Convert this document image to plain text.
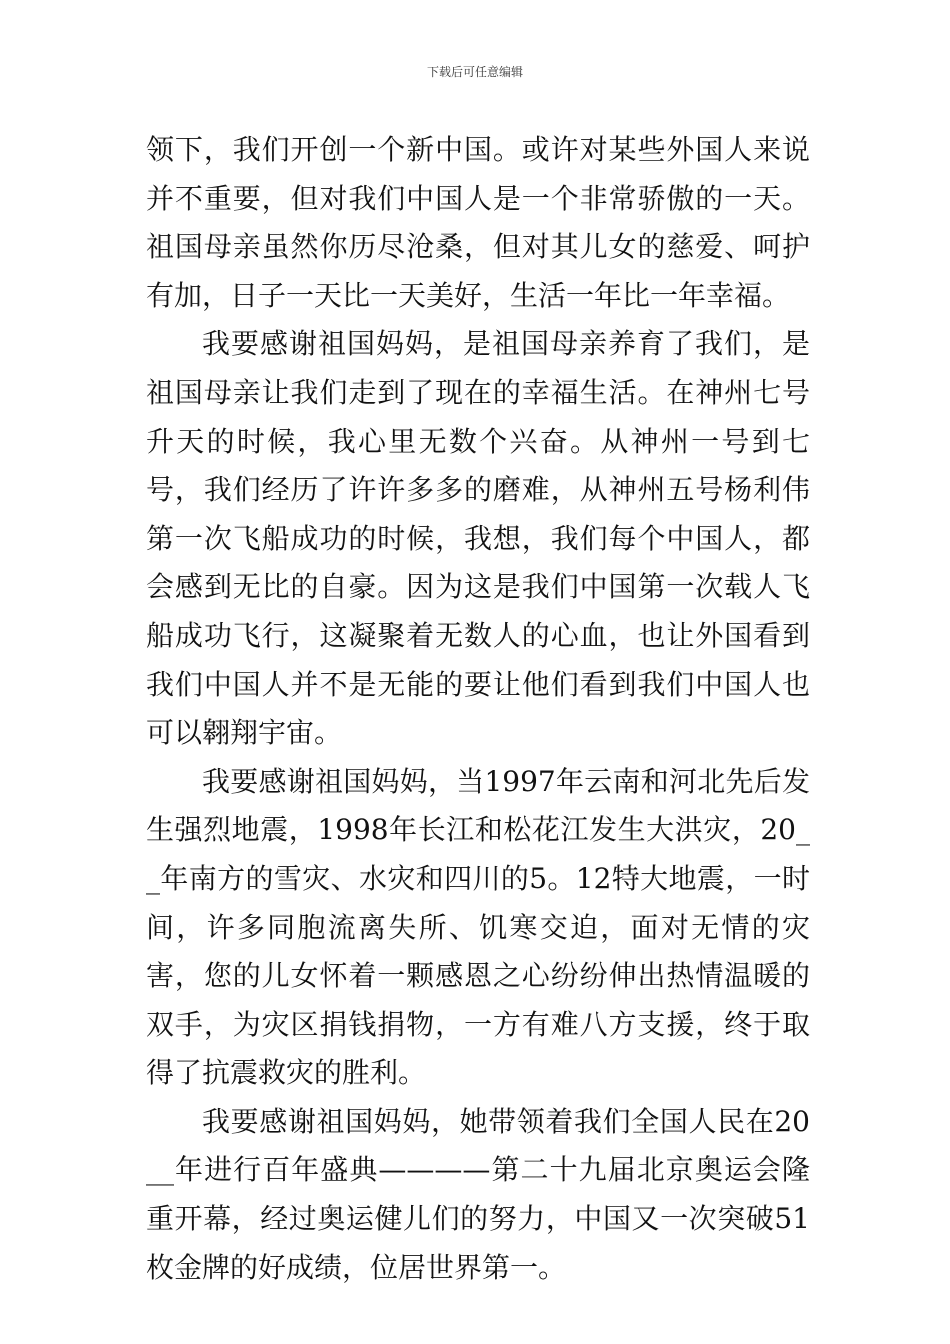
下载后可任意编辑

领下，我们开创一个新中国。或许对某些外国人来说并不重要，但对我们中国人是一个非常骄傲的一天。祖国母亲虽然你历尽沧桑，但对其儿女的慈爱、呵护有加，日子一天比一天美好，生活一年比一年幸福。

我要感谢祖国妈妈，是祖国母亲养育了我们，是祖国母亲让我们走到了现在的幸福生活。在神州七号升天的时候，我心里无数个兴奋。从神州一号到七号，我们经历了许许多多的磨难，从神州五号杨利伟第一次飞船成功的时候，我想，我们每个中国人，都会感到无比的自豪。因为这是我们中国第一次载人飞船成功飞行，这凝聚着无数人的心血，也让外国看到我们中国人并不是无能的要让他们看到我们中国人也可以翱翔宇宙。

我要感谢祖国妈妈，当1997年云南和河北先后发生强烈地震，1998年长江和松花江发生大洪灾，20__年南方的雪灾、水灾和四川的5。12特大地震，一时间，许多同胞流离失所、饥寒交迫，面对无情的灾害，您的儿女怀着一颗感恩之心纷纷伸出热情温暖的双手，为灾区捐钱捐物，一方有难八方支援，终于取得了抗震救灾的胜利。

我要感谢祖国妈妈，她带领着我们全国人民在20__年进行百年盛典————第二十九届北京奥运会隆重开幕，经过奥运健儿们的努力，中国又一次突破51枚金牌的好成绩，位居世界第一。
